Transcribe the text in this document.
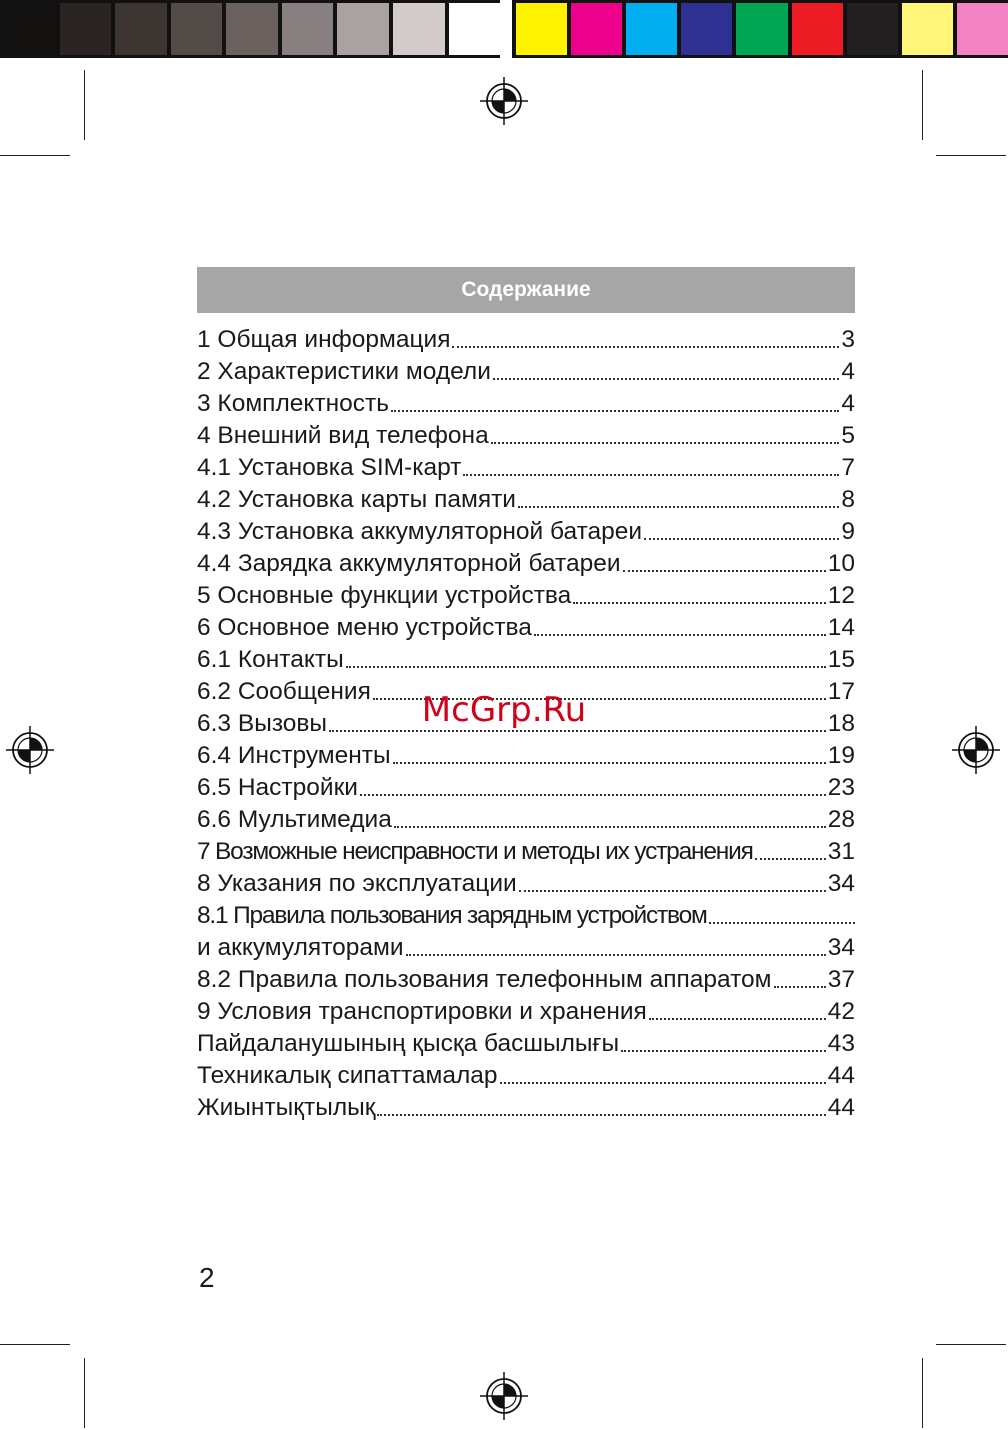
Содержание
1 Общая информация	3
2 Характеристики модели	4
3 Комплектность	4
4 Внешний вид телефона	5
4.1 Установка SIM-карт	7
4.2 Установка карты памяти	8
4.3 Установка аккумуляторной батареи	9
4.4 Зарядка аккумуляторной батареи	10
5 Основные функции устройства	12
6 Основное меню устройства	14
6.1 Контакты	15
6.2 Сообщения	17
6.3 Вызовы	18
6.4 Инструменты	19
6.5 Настройки	23
6.6 Мультимедиа	28
7 Возможные неисправности и методы их устранения	31
8 Указания по эксплуатации	34
8.1 Правила пользования зарядным устройством
и аккумуляторами	34
8.2 Правила пользования телефонным аппаратом 37
9 Условия транспортировки и хранения	42
Пайдаланушының қысқа басшылығы	43
Техникалық сипаттамалар	44
Жиынтықтылық	44
McGrp.Ru
2
